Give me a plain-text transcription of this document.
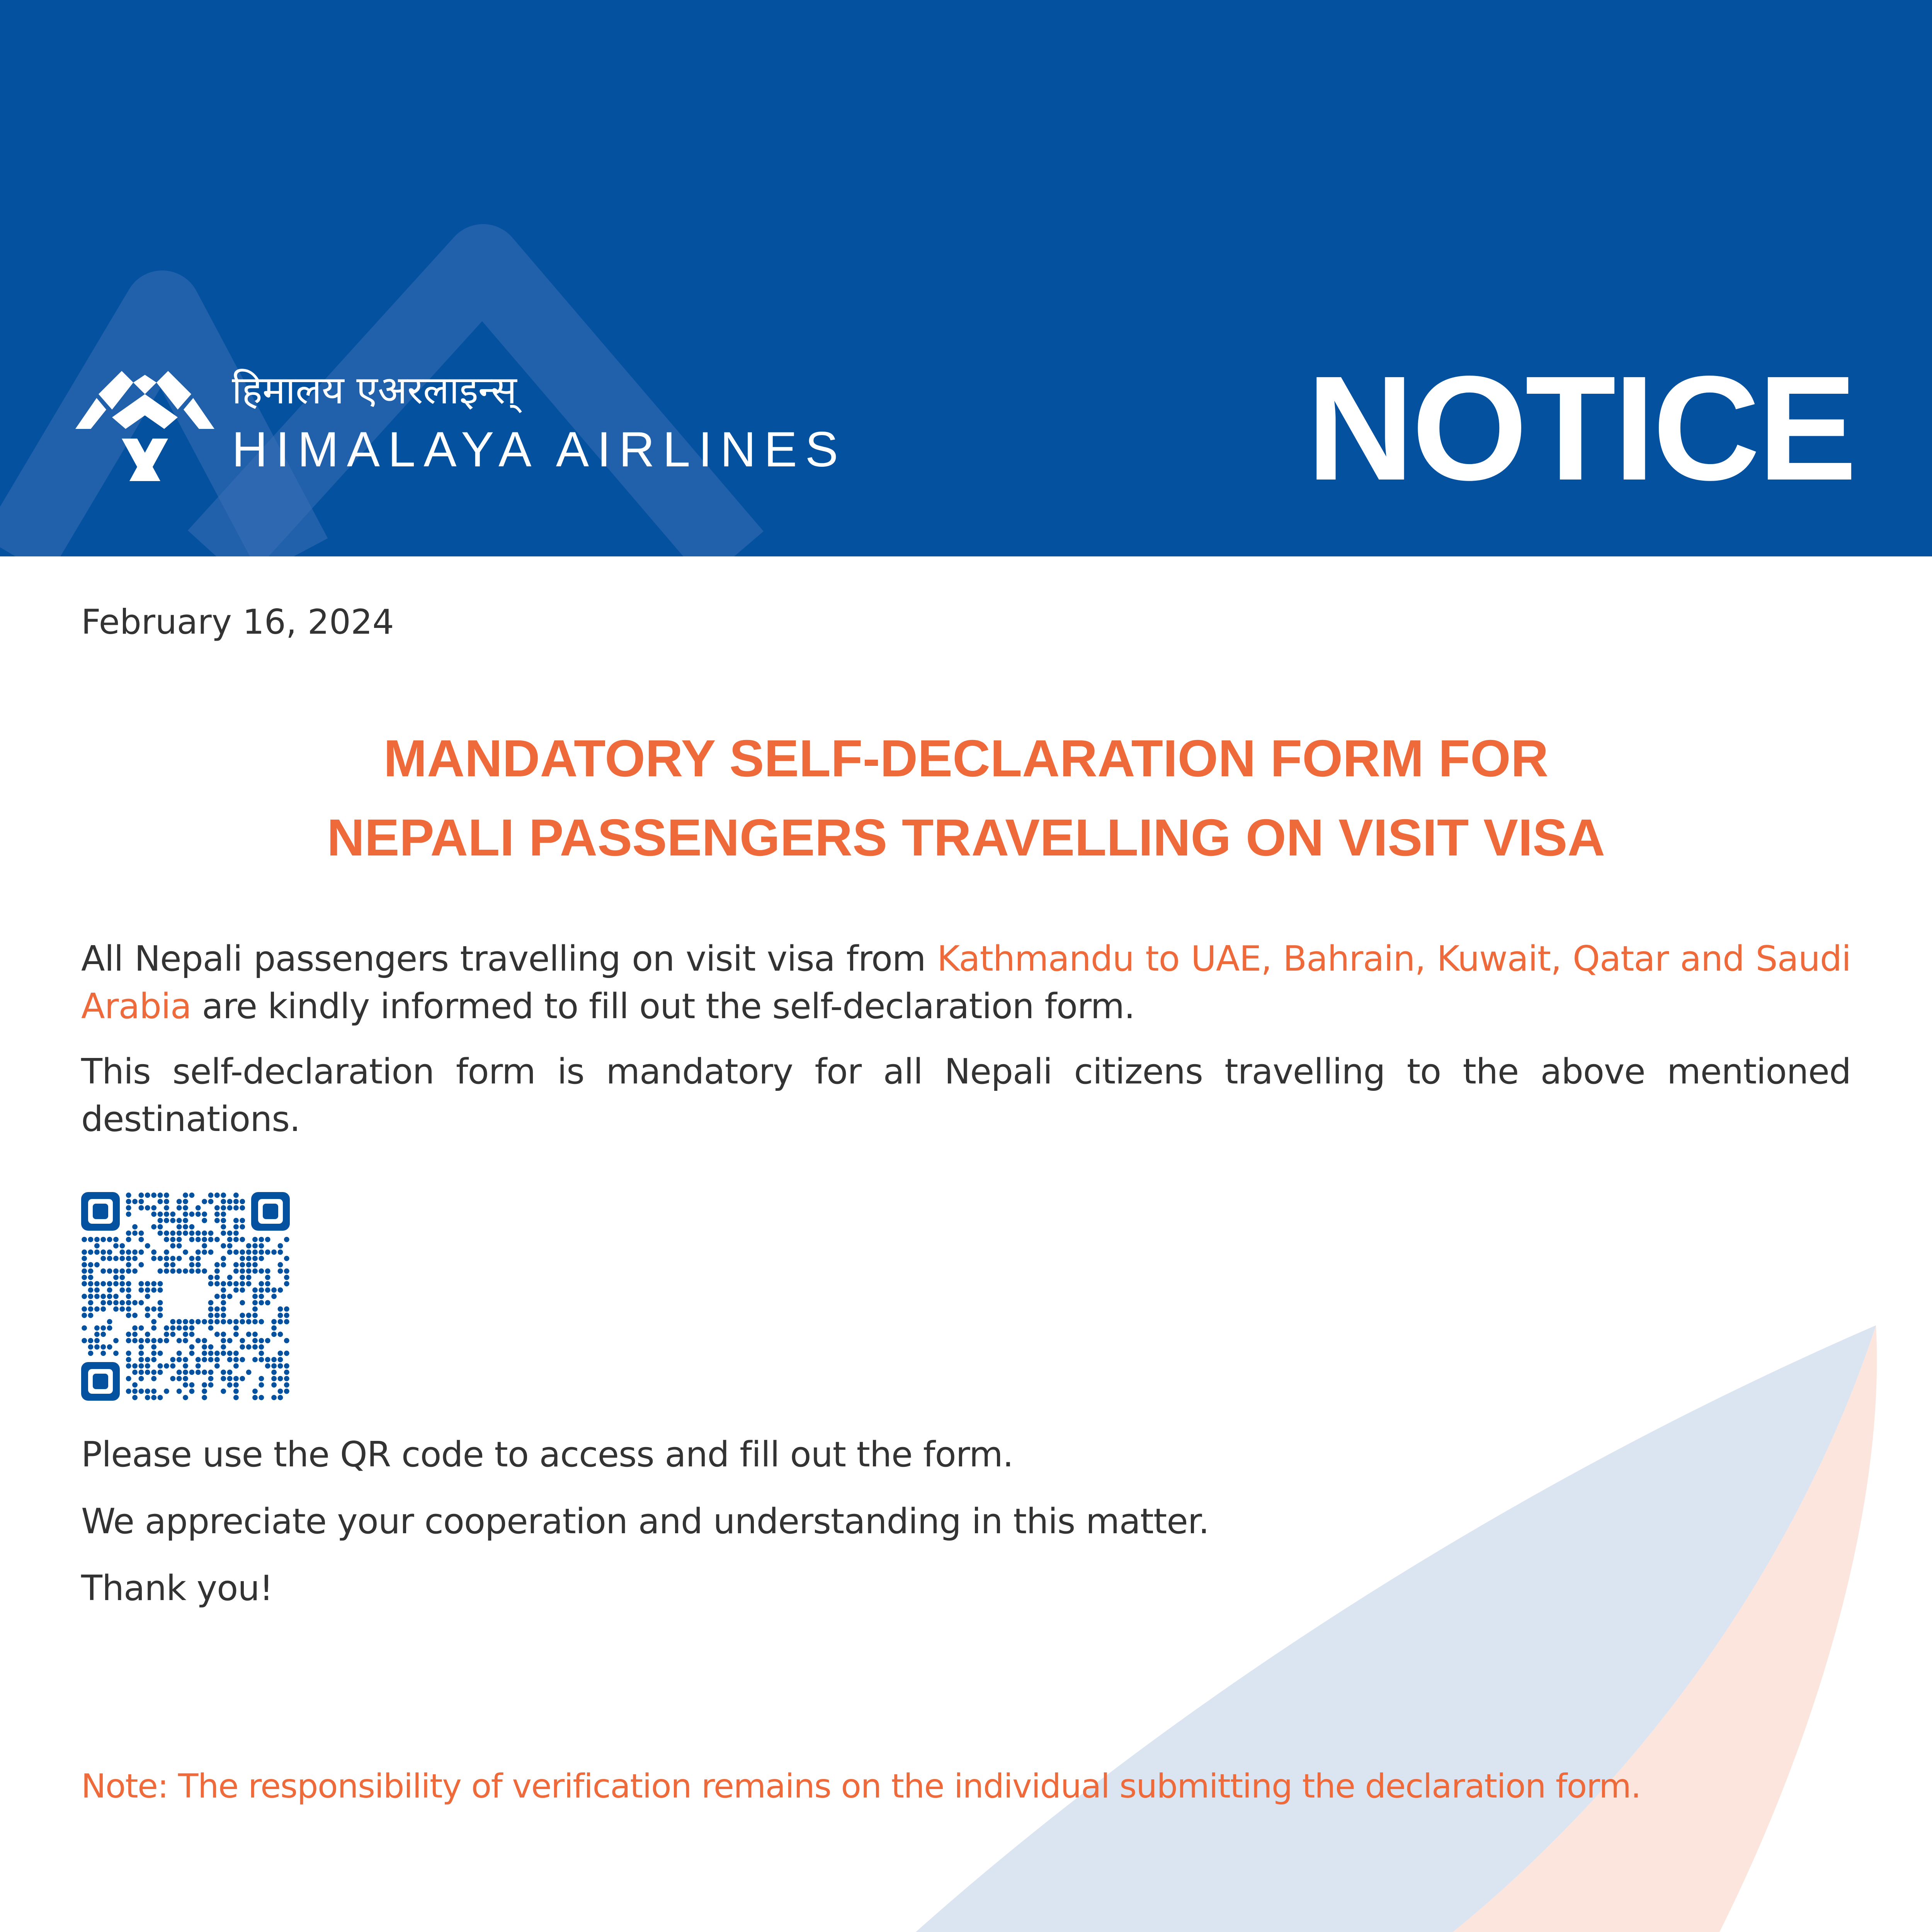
हिमालय एअरलाइन्स्
HIMALAYA AIRLINES	NOTICE
February 16, 2024
MANDATORY SELF-DECLARATION FORM FOR
NEPALI PASSENGERS TRAVELLING ON VISIT VISA
All Nepali passengers travelling on visit visa from Kathmandu to UAE, Bahrain, Kuwait, Qatar and Saudi Arabia are kindly informed to fill out the self-declaration form.
This self-declaration form is mandatory for all Nepali citizens travelling to the above mentioned destinations.
Please use the QR code to access and fill out the form.
We appreciate your cooperation and understanding in this matter.
Thank you!
Note: The responsibility of verification remains on the individual submitting the declaration form.
